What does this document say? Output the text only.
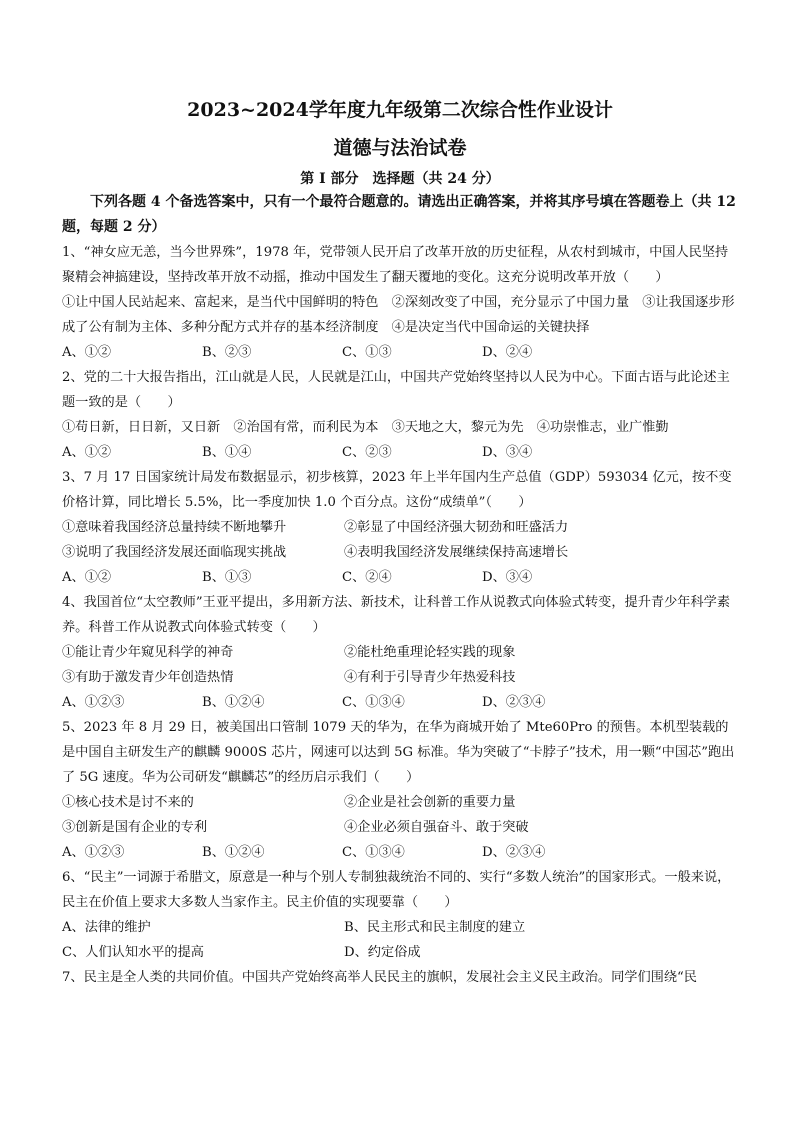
2023~2024学年度九年级第二次综合性作业设计

道德与法治试卷

第 I 部分　选择题（共 24 分）

下列各题 4 个备选答案中，只有一个最符合题意的。请选出正确答案，并将其序号填在答题卷上（共 12 题，每题 2 分）

1、“神女应无恙，当今世界殊”，1978 年，党带领人民开启了改革开放的历史征程，从农村到城市，中国人民坚持聚精会神搞建设，坚持改革开放不动摇，推动中国发生了翻天覆地的变化。这充分说明改革开放（　　）

①让中国人民站起来、富起来，是当代中国鲜明的特色　②深刻改变了中国，充分显示了中国力量　③让我国逐步形成了公有制为主体、多种分配方式并存的基本经济制度　④是决定当代中国命运的关键抉择

A、①②	B、②③	C、①③	D、②④

2、党的二十大报告指出，江山就是人民，人民就是江山，中国共产党始终坚持以人民为中心。下面古语与此论述主题一致的是（　　）

①苟日新，日日新，又日新　②治国有常，而利民为本　③天地之大，黎元为先　④功崇惟志，业广惟勤

A、①②	B、①④	C、②③	D、③④

3、7 月 17 日国家统计局发布数据显示，初步核算，2023 年上半年国内生产总值（GDP）593034 亿元，按不变价格计算，同比增长 5.5%，比一季度加快 1.0 个百分点。这份“成绩单”（　　）

①意味着我国经济总量持续不断地攀升	②彰显了中国经济强大韧劲和旺盛活力
③说明了我国经济发展还面临现实挑战	④表明我国经济发展继续保持高速增长
A、①②	B、①③	C、②④	D、③④

4、我国首位“太空教师”王亚平提出，多用新方法、新技术，让科普工作从说教式向体验式转变，提升青少年科学素养。科普工作从说教式向体验式转变（　　）

①能让青少年窥见科学的神奇	②能杜绝重理论轻实践的现象
③有助于激发青少年创造热情	④有利于引导青少年热爱科技
A、①②③	B、①②④	C、①③④	D、②③④

5、2023 年 8 月 29 日，被美国出口管制 1079 天的华为，在华为商城开始了 Mte60Pro 的预售。本机型装载的是中国自主研发生产的麒麟 9000S 芯片，网速可以达到 5G 标准。华为突破了“卡脖子”技术，用一颗“中国芯”跑出了 5G 速度。华为公司研发“麒麟芯”的经历启示我们（　　）

①核心技术是讨不来的	②企业是社会创新的重要力量
③创新是国有企业的专利	④企业必须自强奋斗、敢于突破
A、①②③	B、①②④	C、①③④	D、②③④

6、“民主”一词源于希腊文，原意是一种与个别人专制独裁统治不同的、实行“多数人统治”的国家形式。一般来说，民主在价值上要求大多数人当家作主。民主价值的实现要靠（　　）

A、法律的维护	B、民主形式和民主制度的建立
C、人们认知水平的提高	D、约定俗成

7、民主是全人类的共同价值。中国共产党始终高举人民民主的旗帜，发展社会主义民主政治。同学们围绕“民
